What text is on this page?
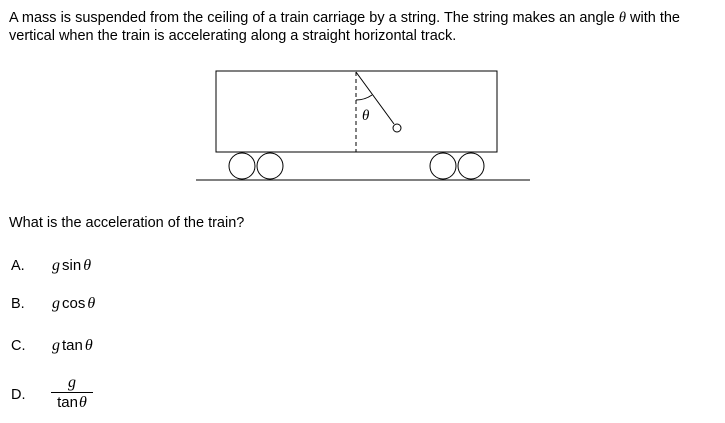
A mass is suspended from the ceiling of a train carriage by a string. The string makes an angle θ with the vertical when the train is accelerating along a straight horizontal track.
θ
What is the acceleration of the train?
A. g sin θ
B. g cos θ
C. g tan θ
D.
g
tanθ
